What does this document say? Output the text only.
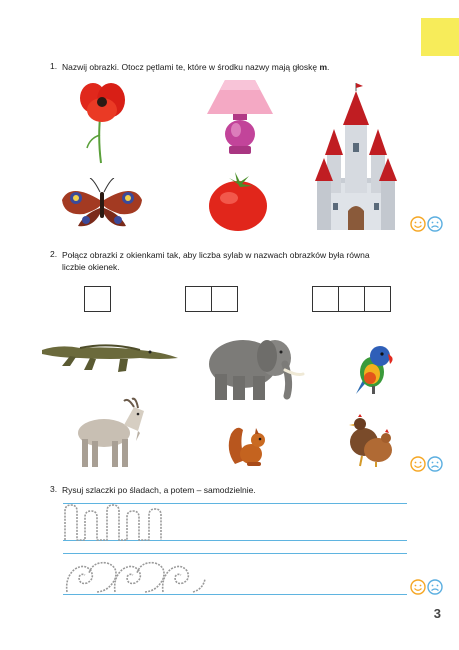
1. Nazwij obrazki. Otocz pętlami te, które w środku nazwy mają głoskę m.
2. Połącz obrazki z okienkami tak, aby liczba sylab w nazwach obrazków była równa
liczbie okienek.
3. Rysuj szlaczki po śladach, a potem – samodzielnie.
3
